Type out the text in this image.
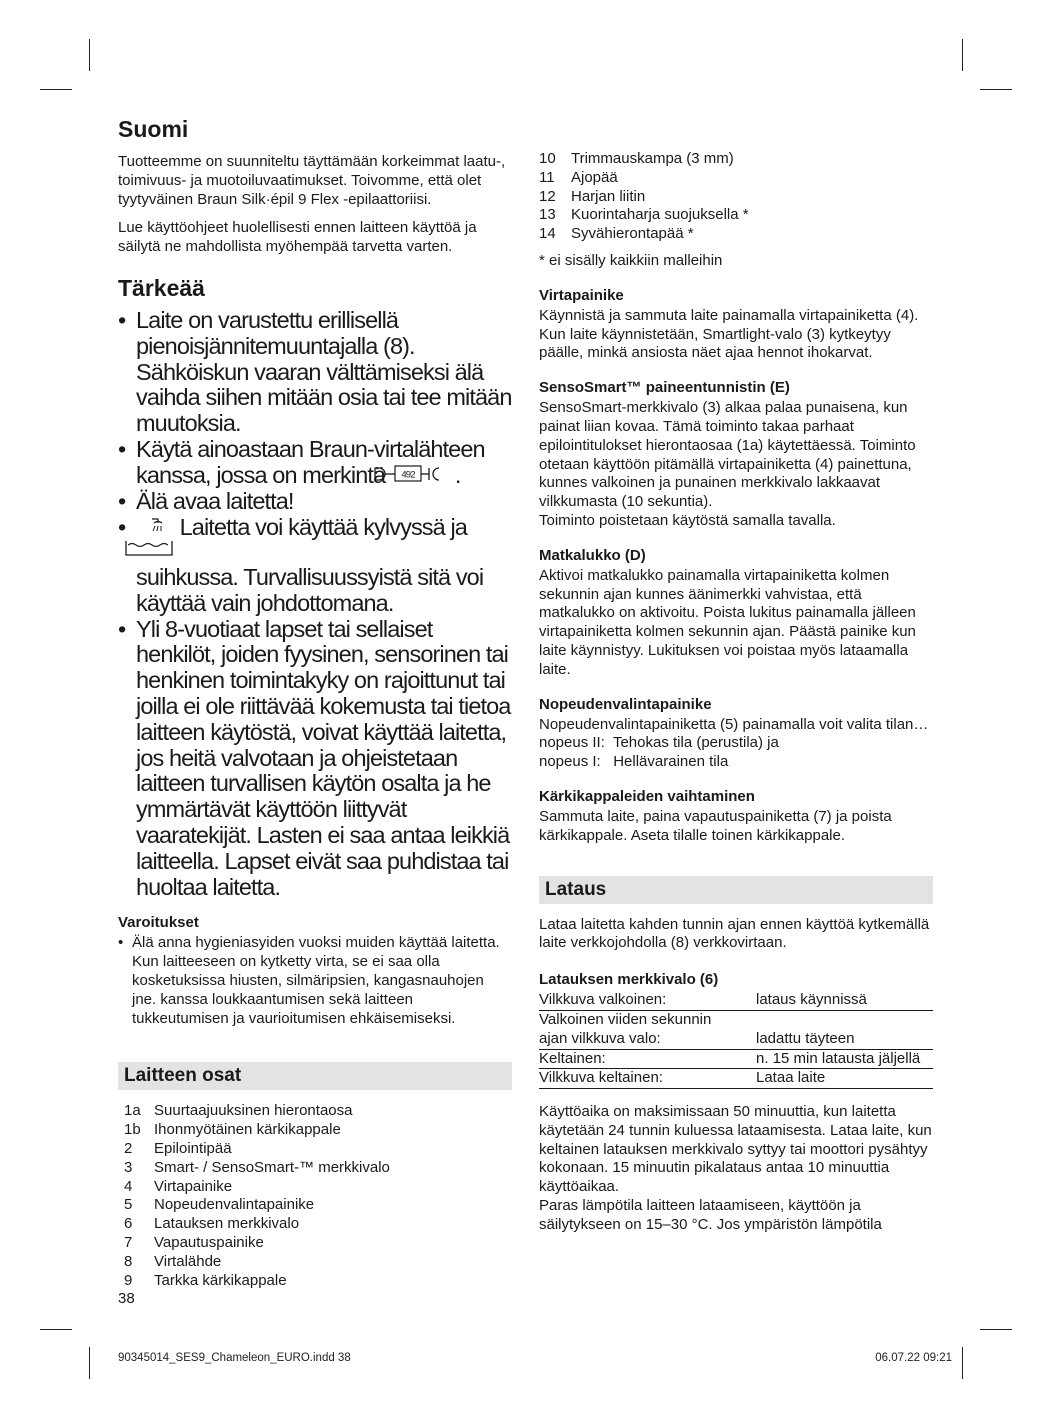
Suomi

Tuotteemme on suunniteltu täyttämään korkeimmat laatu-, toimivuus- ja muotoiluvaatimukset. Toivomme, että olet tyytyväinen Braun Silk·épil 9 Flex -epilaattoriisi.

Lue käyttöohjeet huolellisesti ennen laitteen käyttöä ja säilytä ne mahdollista myöhempää tarvetta varten.

Tärkeää
• Laite on varustettu erillisellä pienoisjännitemuuntajalla (8). Sähköiskun vaaran välttämiseksi älä vaihda siihen mitään osia tai tee mitään muutoksia.
• Käytä ainoastaan Braun-virtalähteen kanssa, jossa on merkintä 492 .
• Älä avaa laitetta!
• Laitetta voi käyttää kylvyssä ja suihkussa. Turvallisuussyistä sitä voi käyttää vain johdottomana.
• Yli 8-vuotiaat lapset tai sellaiset henkilöt, joiden fyysinen, sensorinen tai henkinen toimintakyky on rajoittunut tai joilla ei ole riittävää kokemusta tai tietoa laitteen käytöstä, voivat käyttää laitetta, jos heitä valvotaan ja ohjeistetaan laitteen turvallisen käytön osalta ja he ymmärtävät käyttöön liittyvät vaaratekijät. Lasten ei saa antaa leikkiä laitteella. Lapset eivät saa puhdistaa tai huoltaa laitetta.
Varoitukset
• Älä anna hygieniasyiden vuoksi muiden käyttää laitetta. Kun laitteeseen on kytketty virta, se ei saa olla kosketuksissa hiusten, silmäripsien, kangasnauhojen jne. kanssa loukkaantumisen sekä laitteen tukkeutumisen ja vaurioitumisen ehkäisemiseksi.
Laitteen osat
1a Suurtaajuuksinen hierontaosa
1b Ihonmyötäinen kärkikappale
2	Epilointipää
3	Smart- / SensoSmart-™ merkkivalo
4	Virtapainike
5	Nopeudenvalintapainike
6	Latauksen merkkivalo
7	Vapautuspainike
8	Virtalähde
9	Tarkka kärkikappale
38
10	Trimmauskampa (3 mm)
11	Ajopää
12	Harjan liitin
13	Kuorintaharja suojuksella *
14	Syvähierontapää *
* ei sisälly kaikkiin malleihin
Virtapainike

Käynnistä ja sammuta laite painamalla virtapainiketta (4).
Kun laite käynnistetään, Smartlight-valo (3) kytkeytyy päälle, minkä ansiosta näet ajaa hennot ihokarvat.

SensoSmart™ paineentunnistin (E)

SensoSmart-merkkivalo (3) alkaa palaa punaisena, kun painat liian kovaa. Tämä toiminto takaa parhaat epilointitulokset hierontaosaa (1a) käytettäessä. Toiminto otetaan käyttöön pitämällä virtapainiketta (4) painettuna, kunnes valkoinen ja punainen merkkivalo lakkaavat vilkkumasta (10 sekuntia).
Toiminto poistetaan käytöstä samalla tavalla.

Matkalukko (D)

Aktivoi matkalukko painamalla virtapainiketta kolmen sekunnin ajan kunnes äänimerkki vahvistaa, että matkalukko on aktivoitu. Poista lukitus painamalla jälleen virtapainiketta kolmen sekunnin ajan. Päästä painike kun laite käynnistyy. Lukituksen voi poistaa myös lataamalla laite.

Nopeudenvalintapainike

Nopeudenvalintapainiketta (5) painamalla voit valita tilan…
nopeus II:  Tehokas tila (perustila) ja
nopeus I:   Hellävarainen tila

Kärkikappaleiden vaihtaminen

Sammuta laite, paina vapautuspainiketta (7) ja poista kärkikappale. Aseta tilalle toinen kärkikappale.

Lataus

Lataa laitetta kahden tunnin ajan ennen käyttöä kytkemällä laite verkkojohdolla (8) verkkovirtaan.

Latauksen merkkivalo (6)
Vilkkuva valkoinen:	lataus käynnissä
Valkoinen viiden sekunnin ajan vilkkuva valo:	ladattu täyteen
Keltainen:	n. 15 min latausta jäljellä
Vilkkuva keltainen:	Lataa laite

Käyttöaika on maksimissaan 50 minuuttia, kun laitetta käytetään 24 tunnin kuluessa lataamisesta. Lataa laite, kun keltainen latauksen merkkivalo syttyy tai moottori pysähtyy kokonaan. 15 minuutin pikalataus antaa 10 minuuttia käyttöaikaa.
Paras lämpötila laitteen lataamiseen, käyttöön ja säilytykseen on 15–30 °C. Jos ympäristön lämpötila

90345014_SES9_Chameleon_EURO.indd 38	06.07.22 09:21
